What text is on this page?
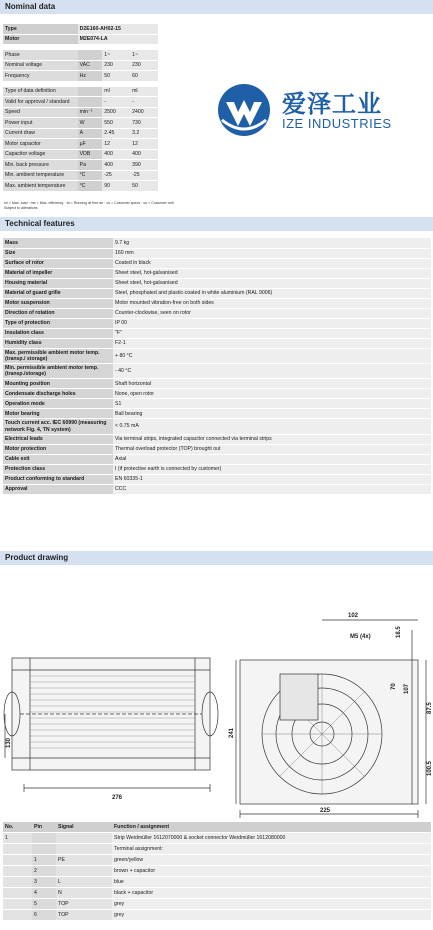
Nominal data
Type	D2E160-AH02-15		
Motor	M2E074-LA		

Phase		1~	1~
Nominal voltage	VAC	230	230
Frequency	Hz	50	60

Type of data definition		ml	ml
Valid for approval / standard		-	-
Speed	min⁻¹	2500	2400
Power input	W	550	730
Current draw	A	2.45	3.2
Motor capacitor	µF	12	12
Capacitor voltage	VDB	400	400
Min. back pressure	Pa	400	390
Min. ambient temperature	°C	-25	-25
Max. ambient temperature	°C	90	50
ml = Max. load · me = Max. efficiency · fa = Running at free air · cs = Customer specs · cu = Customer unit
Subject to alterations
爱泽工业
IZE INDUSTRIES
Technical features
Mass	9.7 kg
Size	160 mm
Surface of rotor	Coated in black
Material of impeller	Sheet steel, hot-galvanised
Housing material	Sheet steel, hot-galvanised
Material of guard grille	Steel, phosphated and plastic-coated in white aluminium (RAL 9006)
Motor suspension	Motor mounted vibration-free on both sides
Direction of rotation	Counter-clockwise, seen on rotor
Type of protection	IP 00
Insulation class	"F"
Humidity class	F2-1
Max. permissible ambient motor temp. (transp./ storage)	+ 80 °C
Min. permissible ambient motor temp. (transp./storage)	- 40 °C
Mounting position	Shaft horizontal
Condensate discharge holes	None, open rotor
Operation mode	S1
Motor bearing	Ball bearing
Touch current acc. IEC 60990 (measuring network Fig. 4, TN system)	< 0.75 mA
Electrical leads	Via terminal strips, integrated capacitor connected via terminal strips
Motor protection	Thermal overload protector (TOP) brought out
Cable exit	Axial
Protection class	I (if protective earth is connected by customer)
Product conforming to standard	EN 60335-1
Approval	CCC
Product drawing
102
M5 (4x)	18.5
70 107
87.5
241
100.5
130
276
225
No.	Pin	Signal	Function / assignment
1			Strip Weidmüller 1612070000 & socket connector Weidmüller 1612080000
			Terminal assignment:
	1	PE	green/yellow
	2		brown + capacitor
	3	L	blue
	4	N	black + capacitor
	5	TOP	grey
	6	TOP	grey
